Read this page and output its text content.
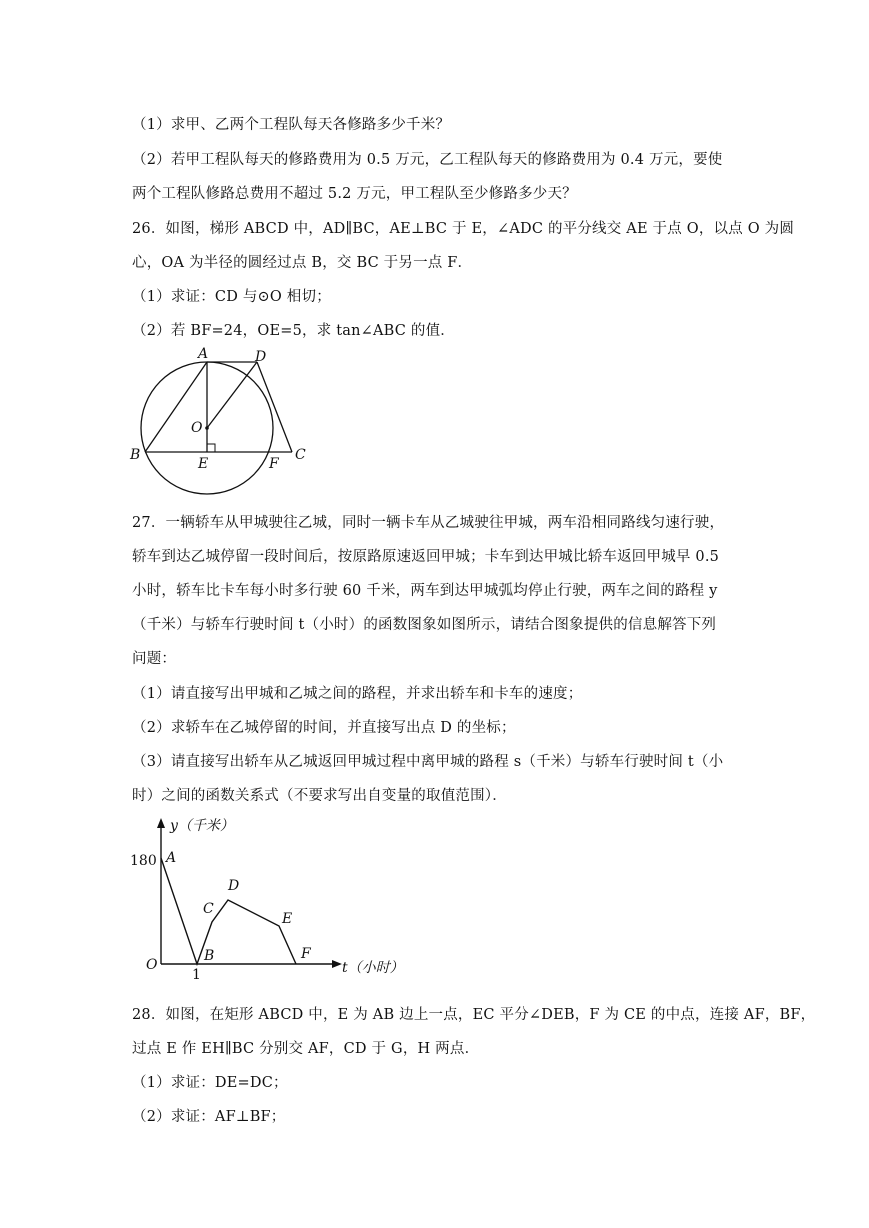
（1）求甲、乙两个工程队每天各修路多少千米？
（2）若甲工程队每天的修路费用为 0.5 万元，乙工程队每天的修路费用为 0.4 万元，要使
两个工程队修路总费用不超过 5.2 万元，甲工程队至少修路多少天？
26．如图，梯形 ABCD 中，AD∥BC，AE⊥BC 于 E，∠ADC 的平分线交 AE 于点 O，以点 O 为圆
心，OA 为半径的圆经过点 B，交 BC 于另一点 F．
（1）求证：CD 与⊙O 相切；
（2）若 BF=24，OE=5，求 tan∠ABC 的值．
A	D
O
B
E	F
C
27．一辆轿车从甲城驶往乙城，同时一辆卡车从乙城驶往甲城，两车沿相同路线匀速行驶，
轿车到达乙城停留一段时间后，按原路原速返回甲城；卡车到达甲城比轿车返回甲城早 0.5
小时，轿车比卡车每小时多行驶 60 千米，两车到达甲城弧均停止行驶，两车之间的路程 y
（千米）与轿车行驶时间 t（小时）的函数图象如图所示，请结合图象提供的信息解答下列
问题：
（1）请直接写出甲城和乙城之间的路程，并求出轿车和卡车的速度；
（2）求轿车在乙城停留的时间，并直接写出点 D 的坐标；
（3）请直接写出轿车从乙城返回甲城过程中离甲城的路程 s（千米）与轿车行驶时间 t（小
时）之间的函数关系式（不要求写出自变量的取值范围）．
y（千米）
t（小时）
O
180
1
A
B
C
D
E
F
28．如图，在矩形 ABCD 中，E 为 AB 边上一点，EC 平分∠DEB，F 为 CE 的中点，连接 AF，BF，
过点 E 作 EH∥BC 分别交 AF，CD 于 G，H 两点．
（1）求证：DE=DC；
（2）求证：AF⊥BF；
